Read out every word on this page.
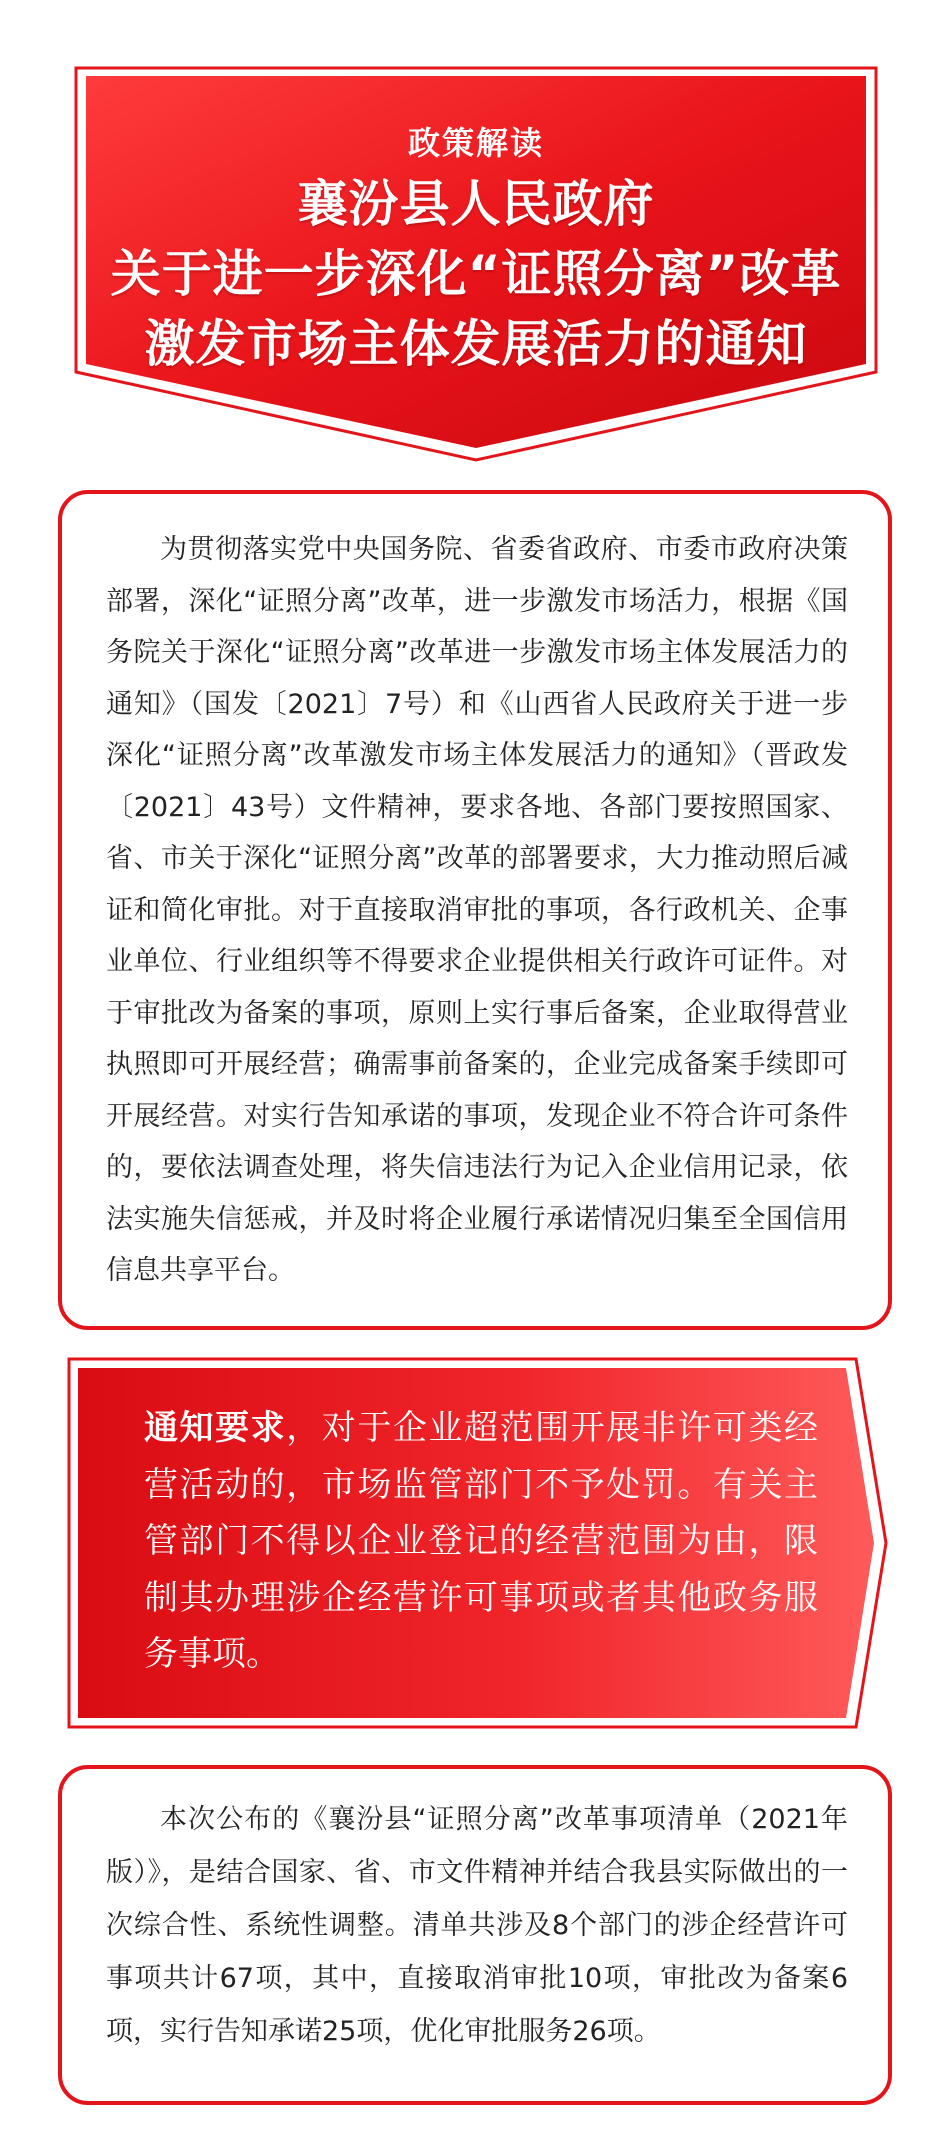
政策解读
襄汾县人民政府
关于进一步深化“证照分离”改革
激发市场主体发展活力的通知

为贯彻落实党中央国务院、省委省政府、市委市政府决策部署，深化“证照分离”改革，进一步激发市场活力，根据《国务院关于深化“证照分离”改革进一步激发市场主体发展活力的通知》（国发〔2021〕7号）和《山西省人民政府关于进一步深化“证照分离”改革激发市场主体发展活力的通知》（晋政发〔2021〕43号）文件精神，要求各地、各部门要按照国家、省、市关于深化“证照分离”改革的部署要求，大力推动照后减证和简化审批。对于直接取消审批的事项，各行政机关、企事业单位、行业组织等不得要求企业提供相关行政许可证件。对于审批改为备案的事项，原则上实行事后备案，企业取得营业执照即可开展经营；确需事前备案的，企业完成备案手续即可开展经营。对实行告知承诺的事项，发现企业不符合许可条件的，要依法调查处理，将失信违法行为记入企业信用记录，依法实施失信惩戒，并及时将企业履行承诺情况归集至全国信用信息共享平台。

通知要求，对于企业超范围开展非许可类经营活动的，市场监管部门不予处罚。有关主管部门不得以企业登记的经营范围为由，限制其办理涉企经营许可事项或者其他政务服务事项。

本次公布的《襄汾县“证照分离”改革事项清单（2021年版）》，是结合国家、省、市文件精神并结合我县实际做出的一次综合性、系统性调整。清单共涉及8个部门的涉企经营许可事项共计67项，其中，直接取消审批10项，审批改为备案6项，实行告知承诺25项，优化审批服务26项。
